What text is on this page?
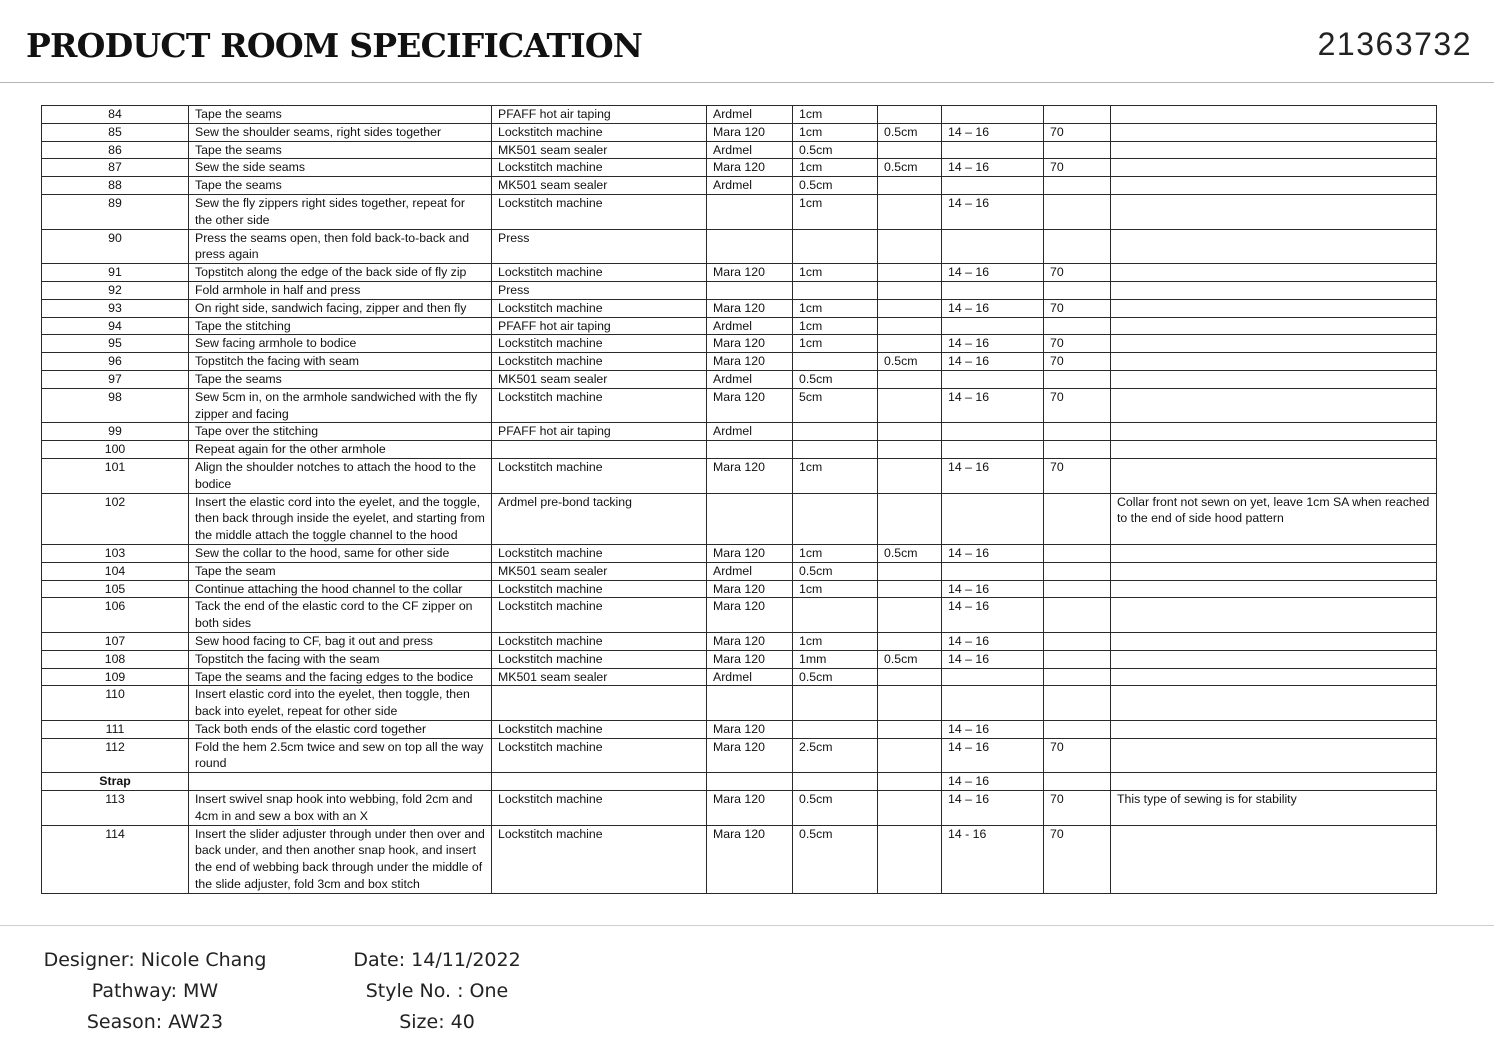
PRODUCT ROOM SPECIFICATION	21363732
84	Tape the seams	PFAFF hot air taping	Ardmel	1cm				
85	Sew the shoulder seams, right sides together	Lockstitch machine	Mara 120	1cm	0.5cm	14 – 16	70	
86	Tape the seams	MK501 seam sealer	Ardmel	0.5cm				
87	Sew the side seams	Lockstitch machine	Mara 120	1cm	0.5cm	14 – 16	70	
88	Tape the seams	MK501 seam sealer	Ardmel	0.5cm				
89	Sew the fly zippers right sides together, repeat for the other side	Lockstitch machine		1cm		14 – 16		
90	Press the seams open, then fold back-to-back and press again	Press						
91	Topstitch along the edge of the back side of fly zip	Lockstitch machine	Mara 120	1cm		14 – 16	70	
92	Fold armhole in half and press	Press						
93	On right side, sandwich facing, zipper and then fly	Lockstitch machine	Mara 120	1cm		14 – 16	70	
94	Tape the stitching	PFAFF hot air taping	Ardmel	1cm				
95	Sew facing armhole to bodice	Lockstitch machine	Mara 120	1cm		14 – 16	70	
96	Topstitch the facing with seam	Lockstitch machine	Mara 120		0.5cm	14 – 16	70	
97	Tape the seams	MK501 seam sealer	Ardmel	0.5cm				
98	Sew 5cm in, on the armhole sandwiched with the fly zipper and facing	Lockstitch machine	Mara 120	5cm		14 – 16	70	
99	Tape over the stitching	PFAFF hot air taping	Ardmel					
100	Repeat again for the other armhole							
101	Align the shoulder notches to attach the hood to the bodice	Lockstitch machine	Mara 120	1cm		14 – 16	70	
102	Insert the elastic cord into the eyelet, and the toggle, then back through inside the eyelet, and starting from the middle attach the toggle channel to the hood	Ardmel pre-bond tacking						Collar front not sewn on yet, leave 1cm SA when reached to the end of side hood pattern
103	Sew the collar to the hood, same for other side	Lockstitch machine	Mara 120	1cm	0.5cm	14 – 16		
104	Tape the seam	MK501 seam sealer	Ardmel	0.5cm				
105	Continue attaching the hood channel to the collar	Lockstitch machine	Mara 120	1cm		14 – 16		
106	Tack the end of the elastic cord to the CF zipper on both sides	Lockstitch machine	Mara 120			14 – 16		
107	Sew hood facing to CF, bag it out and press	Lockstitch machine	Mara 120	1cm		14 – 16		
108	Topstitch the facing with the seam	Lockstitch machine	Mara 120	1mm	0.5cm	14 – 16		
109	Tape the seams and the facing edges to the bodice	MK501 seam sealer	Ardmel	0.5cm				
110	Insert elastic cord into the eyelet, then toggle, then back into eyelet, repeat for other side							
111	Tack both ends of the elastic cord together	Lockstitch machine	Mara 120			14 – 16		
112	Fold the hem 2.5cm twice and sew on top all the way round	Lockstitch machine	Mara 120	2.5cm		14 – 16	70	
Strap						14 – 16		
113	Insert swivel snap hook into webbing, fold 2cm and 4cm in and sew a box with an X	Lockstitch machine	Mara 120	0.5cm		14 – 16	70	This type of sewing is for stability
114	Insert the slider adjuster through under then over and back under, and then another snap hook, and insert the end of webbing back through under the middle of the slide adjuster, fold 3cm and box stitch	Lockstitch machine	Mara 120	0.5cm		14 - 16	70	
Designer: Nicole Chang
Pathway: MW
Season: AW23
Date: 14/11/2022
Style No. : One
Size: 40
